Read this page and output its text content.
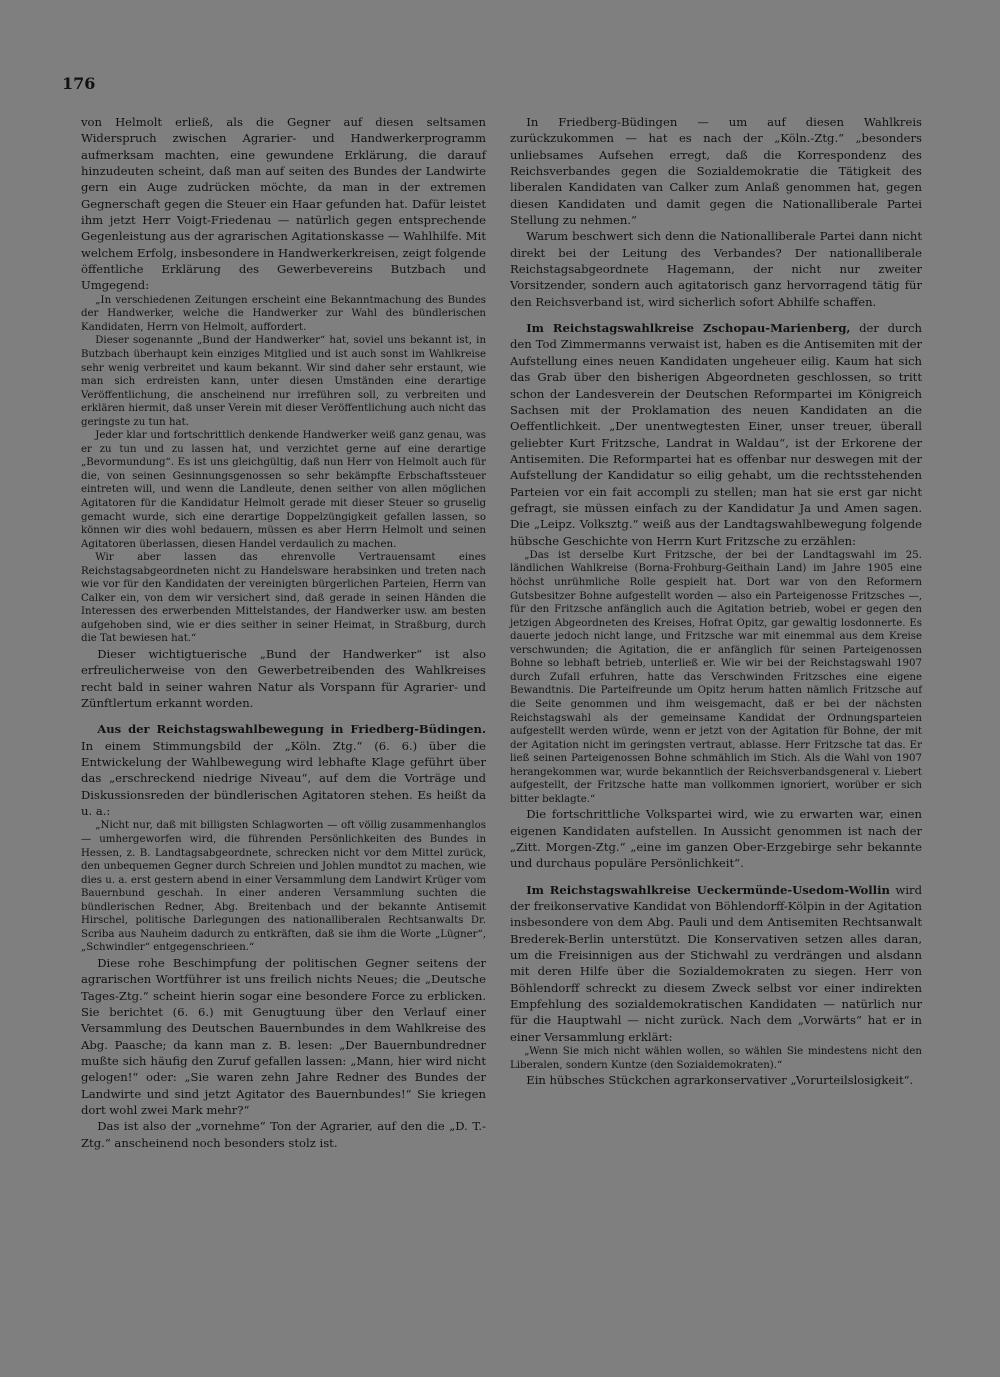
176

von Helmolt erließ, als die Gegner auf diesen seltsamen Widerspruch zwischen Agrarier- und Handwerkerprogramm aufmerksam machten, eine gewundene Erklärung, die darauf hinzudeuten scheint, daß man auf seiten des Bundes der Landwirte gern ein Auge zudrücken möchte, da man in der extremen Gegnerschaft gegen die Steuer ein Haar gefunden hat. Dafür leistet ihm jetzt Herr Voigt-Friedenau — natürlich gegen entsprechende Gegenleistung aus der agrarischen Agitationskasse — Wahlhilfe. Mit welchem Erfolg, insbesondere in Handwerkerkreisen, zeigt folgende öffentliche Erklärung des Gewerbevereins Butzbach und Umgegend:

„In verschiedenen Zeitungen erscheint eine Bekanntmachung des Bundes der Handwerker, welche die Handwerker zur Wahl des bündlerischen Kandidaten, Herrn von Helmolt, auffordert.

Dieser sogenannte „Bund der Handwerker“ hat, soviel uns bekannt ist, in Butzbach überhaupt kein einziges Mitglied und ist auch sonst im Wahlkreise sehr wenig verbreitet und kaum bekannt. Wir sind daher sehr erstaunt, wie man sich erdreisten kann, unter diesen Umständen eine derartige Veröffentlichung, die anscheinend nur irreführen soll, zu verbreiten und erklären hiermit, daß unser Verein mit dieser Veröffentlichung auch nicht das geringste zu tun hat.

Jeder klar und fortschrittlich denkende Handwerker weiß ganz genau, was er zu tun und zu lassen hat, und verzichtet gerne auf eine derartige „Bevormundung“. Es ist uns gleichgültig, daß nun Herr von Helmolt auch für die, von seinen Gesinnungsgenossen so sehr bekämpfte Erbschaftssteuer eintreten will, und wenn die Landleute, denen seither von allen möglichen Agitatoren für die Kandidatur Helmolt gerade mit dieser Steuer so gruselig gemacht wurde, sich eine derartige Doppelzüngigkeit gefallen lassen, so können wir dies wohl bedauern, müssen es aber Herrn Helmolt und seinen Agitatoren überlassen, diesen Handel verdaulich zu machen.

Wir aber lassen das ehrenvolle Vertrauensamt eines Reichstagsabgeordneten nicht zu Handelsware herabsinken und treten nach wie vor für den Kandidaten der vereinigten bürgerlichen Parteien, Herrn van Calker ein, von dem wir versichert sind, daß gerade in seinen Händen die Interessen des erwerbenden Mittelstandes, der Handwerker usw. am besten aufgehoben sind, wie er dies seither in seiner Heimat, in Straßburg, durch die Tat bewiesen hat.“

Dieser wichtigtuerische „Bund der Handwerker“ ist also erfreulicherweise von den Gewerbetreibenden des Wahlkreises recht bald in seiner wahren Natur als Vorspann für Agrarier- und Zünftlertum erkannt worden.

Aus der Reichstagswahlbewegung in Friedberg-Büdingen. In einem Stimmungsbild der „Köln. Ztg.“ (6. 6.) über die Entwickelung der Wahlbewegung wird lebhafte Klage geführt über das „erschreckend niedrige Niveau“, auf dem die Vorträge und Diskussionsreden der bündlerischen Agitatoren stehen. Es heißt da u. a.:

„Nicht nur, daß mit billigsten Schlagworten — oft völlig zusammenhanglos — umhergeworfen wird, die führenden Persönlichkeiten des Bundes in Hessen, z. B. Landtagsabgeordnete, schrecken nicht vor dem Mittel zurück, den unbequemen Gegner durch Schreien und Johlen mundtot zu machen, wie dies u. a. erst gestern abend in einer Versammlung dem Landwirt Krüger vom Bauernbund geschah. In einer anderen Versammlung suchten die bündlerischen Redner, Abg. Breitenbach und der bekannte Antisemit Hirschel, politische Darlegungen des nationalliberalen Rechtsanwalts Dr. Scriba aus Nauheim dadurch zu entkräften, daß sie ihm die Worte „Lügner“, „Schwindler“ entgegenschrieen.“

Diese rohe Beschimpfung der politischen Gegner seitens der agrarischen Wortführer ist uns freilich nichts Neues; die „Deutsche Tages-Ztg.“ scheint hierin sogar eine besondere Force zu erblicken. Sie berichtet (6. 6.) mit Genugtuung über den Verlauf einer Versammlung des Deutschen Bauernbundes in dem Wahlkreise des Abg. Paasche; da kann man z. B. lesen: „Der Bauernbundredner mußte sich häufig den Zuruf gefallen lassen: „Mann, hier wird nicht gelogen!“ oder: „Sie waren zehn Jahre Redner des Bundes der Landwirte und sind jetzt Agitator des Bauernbundes!“ Sie kriegen dort wohl zwei Mark mehr?“

Das ist also der „vornehme“ Ton der Agrarier, auf den die „D. T.-Ztg.“ anscheinend noch besonders stolz ist.

In Friedberg-Büdingen — um auf diesen Wahlkreis zurückzukommen — hat es nach der „Köln.-Ztg.“ „besonders unliebsames Aufsehen erregt, daß die Korrespondenz des Reichsverbandes gegen die Sozialdemokratie die Tätigkeit des liberalen Kandidaten van Calker zum Anlaß genommen hat, gegen diesen Kandidaten und damit gegen die Nationalliberale Partei Stellung zu nehmen.“

Warum beschwert sich denn die Nationalliberale Partei dann nicht direkt bei der Leitung des Verbandes? Der nationalliberale Reichstagsabgeordnete Hagemann, der nicht nur zweiter Vorsitzender, sondern auch agitatorisch ganz hervorragend tätig für den Reichsverband ist, wird sicherlich sofort Abhilfe schaffen.

Im Reichstagswahlkreise Zschopau-Marienberg, der durch den Tod Zimmermanns verwaist ist, haben es die Antisemiten mit der Aufstellung eines neuen Kandidaten ungeheuer eilig. Kaum hat sich das Grab über den bisherigen Abgeordneten geschlossen, so tritt schon der Landesverein der Deutschen Reformpartei im Königreich Sachsen mit der Proklamation des neuen Kandidaten an die Oeffentlichkeit. „Der unentwegtesten Einer, unser treuer, überall geliebter Kurt Fritzsche, Landrat in Waldau“, ist der Erkorene der Antisemiten. Die Reformpartei hat es offenbar nur deswegen mit der Aufstellung der Kandidatur so eilig gehabt, um die rechtsstehenden Parteien vor ein fait accompli zu stellen; man hat sie erst gar nicht gefragt, sie müssen einfach zu der Kandidatur Ja und Amen sagen. Die „Leipz. Volksztg.“ weiß aus der Landtagswahlbewegung folgende hübsche Geschichte von Herrn Kurt Fritzsche zu erzählen:

„Das ist derselbe Kurt Fritzsche, der bei der Landtagswahl im 25. ländlichen Wahlkreise (Borna-Frohburg-Geithain Land) im Jahre 1905 eine höchst unrühmliche Rolle gespielt hat. Dort war von den Reformern Gutsbesitzer Bohne aufgestellt worden — also ein Parteigenosse Fritzsches —, für den Fritzsche anfänglich auch die Agitation betrieb, wobei er gegen den jetzigen Abgeordneten des Kreises, Hofrat Opitz, gar gewaltig losdonnerte. Es dauerte jedoch nicht lange, und Fritzsche war mit einemmal aus dem Kreise verschwunden; die Agitation, die er anfänglich für seinen Parteigenossen Bohne so lebhaft betrieb, unterließ er. Wie wir bei der Reichstagswahl 1907 durch Zufall erfuhren, hatte das Verschwinden Fritzsches eine eigene Bewandtnis. Die Parteifreunde um Opitz herum hatten nämlich Fritzsche auf die Seite genommen und ihm weisgemacht, daß er bei der nächsten Reichstagswahl als der gemeinsame Kandidat der Ordnungsparteien aufgestellt werden würde, wenn er jetzt von der Agitation für Bohne, der mit der Agitation nicht im geringsten vertraut, ablasse. Herr Fritzsche tat das. Er ließ seinen Parteigenossen Bohne schmählich im Stich. Als die Wahl von 1907 herangekommen war, wurde bekanntlich der Reichsverbandsgeneral v. Liebert aufgestellt, der Fritzsche hatte man vollkommen ignoriert, worüber er sich bitter beklagte.“

Die fortschrittliche Volkspartei wird, wie zu erwarten war, einen eigenen Kandidaten aufstellen. In Aussicht genommen ist nach der „Zitt. Morgen-Ztg.“ „eine im ganzen Ober-Erzgebirge sehr bekannte und durchaus populäre Persönlichkeit“.

Im Reichstagswahlkreise Ueckermünde-Usedom-Wollin wird der freikonservative Kandidat von Böhlendorff-Kölpin in der Agitation insbesondere von dem Abg. Pauli und dem Antisemiten Rechtsanwalt Brederek-Berlin unterstützt. Die Konservativen setzen alles daran, um die Freisinnigen aus der Stichwahl zu verdrängen und alsdann mit deren Hilfe über die Sozialdemokraten zu siegen. Herr von Böhlendorff schreckt zu diesem Zweck selbst vor einer indirekten Empfehlung des sozialdemokratischen Kandidaten — natürlich nur für die Hauptwahl — nicht zurück. Nach dem „Vorwärts“ hat er in einer Versammlung erklärt:

„Wenn Sie mich nicht wählen wollen, so wählen Sie mindestens nicht den Liberalen, sondern Kuntze (den Sozialdemokraten).“

Ein hübsches Stückchen agrarkonservativer „Vorurteilslosigkeit“.
